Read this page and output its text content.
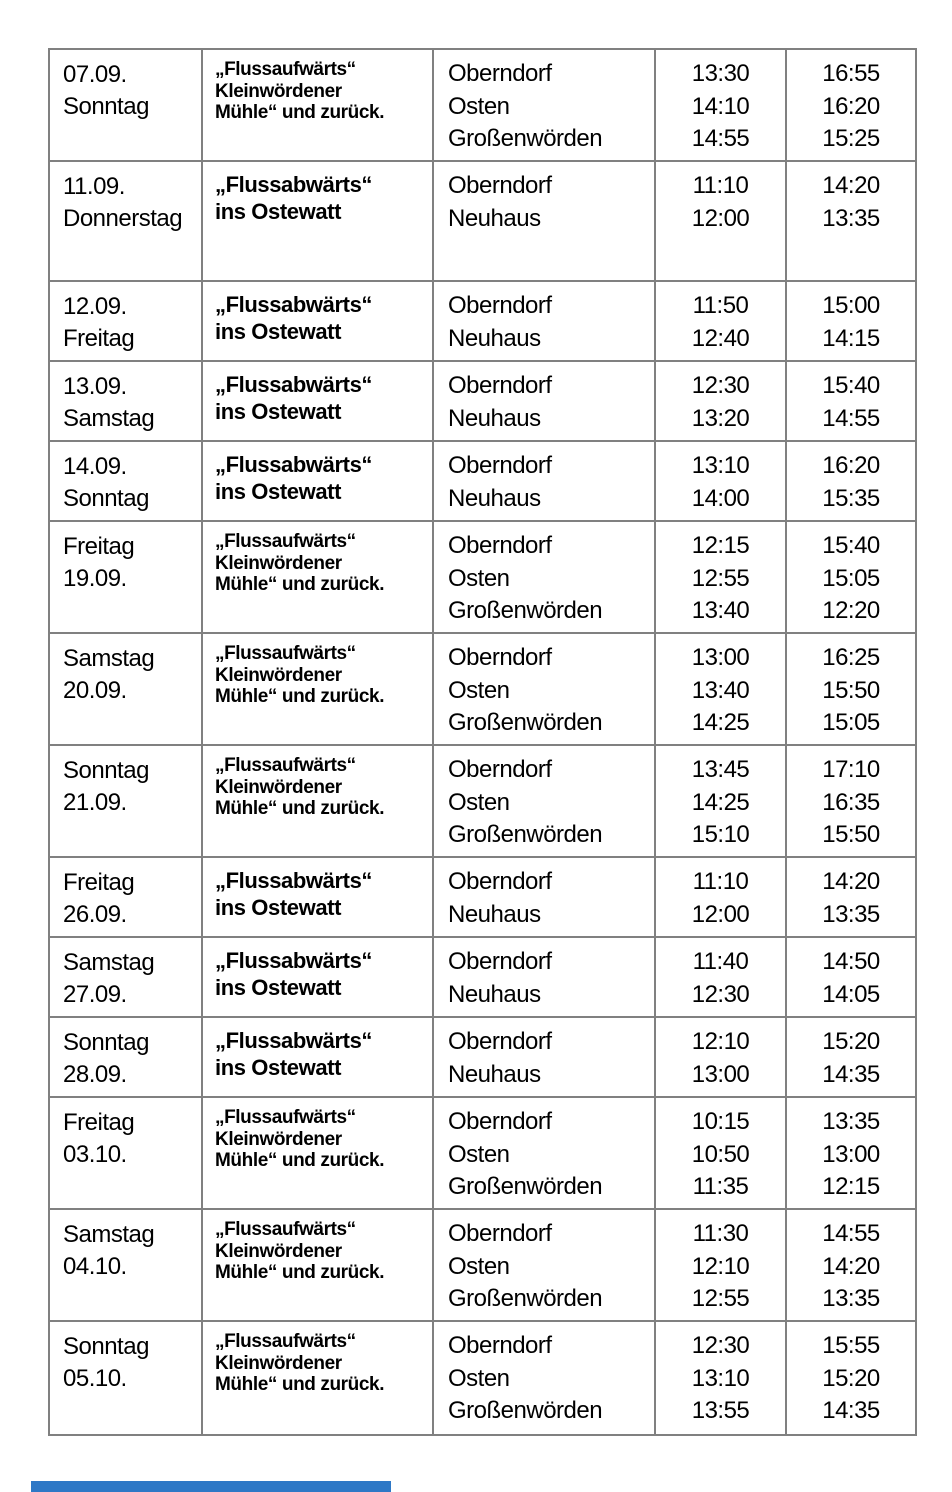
07.09.
Sonntag
„Flussaufwärts“
Kleinwördener
Mühle“ und zurück.
Oberndorf
Osten
Großenwörden
13:30
14:10
14:55
16:55
16:20
15:25
11.09.
Donnerstag
„Flussabwärts“
ins Ostewatt
Oberndorf
Neuhaus
11:10
12:00
14:20
13:35
12.09.
Freitag
„Flussabwärts“
ins Ostewatt
Oberndorf
Neuhaus
11:50
12:40
15:00
14:15
13.09.
Samstag
„Flussabwärts“
ins Ostewatt
Oberndorf
Neuhaus
12:30
13:20
15:40
14:55
14.09.
Sonntag
„Flussabwärts“
ins Ostewatt
Oberndorf
Neuhaus
13:10
14:00
16:20
15:35
Freitag
19.09.
„Flussaufwärts“
Kleinwördener
Mühle“ und zurück.
Oberndorf
Osten
Großenwörden
12:15
12:55
13:40
15:40
15:05
12:20
Samstag
20.09.
„Flussaufwärts“
Kleinwördener
Mühle“ und zurück.
Oberndorf
Osten
Großenwörden
13:00
13:40
14:25
16:25
15:50
15:05
Sonntag
21.09.
„Flussaufwärts“
Kleinwördener
Mühle“ und zurück.
Oberndorf
Osten
Großenwörden
13:45
14:25
15:10
17:10
16:35
15:50
Freitag
26.09.
„Flussabwärts“
ins Ostewatt
Oberndorf
Neuhaus
11:10
12:00
14:20
13:35
Samstag
27.09.
„Flussabwärts“
ins Ostewatt
Oberndorf
Neuhaus
11:40
12:30
14:50
14:05
Sonntag
28.09.
„Flussabwärts“
ins Ostewatt
Oberndorf
Neuhaus
12:10
13:00
15:20
14:35
Freitag
03.10.
„Flussaufwärts“
Kleinwördener
Mühle“ und zurück.
Oberndorf
Osten
Großenwörden
10:15
10:50
11:35
13:35
13:00
12:15
Samstag
04.10.
„Flussaufwärts“
Kleinwördener
Mühle“ und zurück.
Oberndorf
Osten
Großenwörden
11:30
12:10
12:55
14:55
14:20
13:35
Sonntag
05.10.
„Flussaufwärts“
Kleinwördener
Mühle“ und zurück.
Oberndorf
Osten
Großenwörden
12:30
13:10
13:55
15:55
15:20
14:35
